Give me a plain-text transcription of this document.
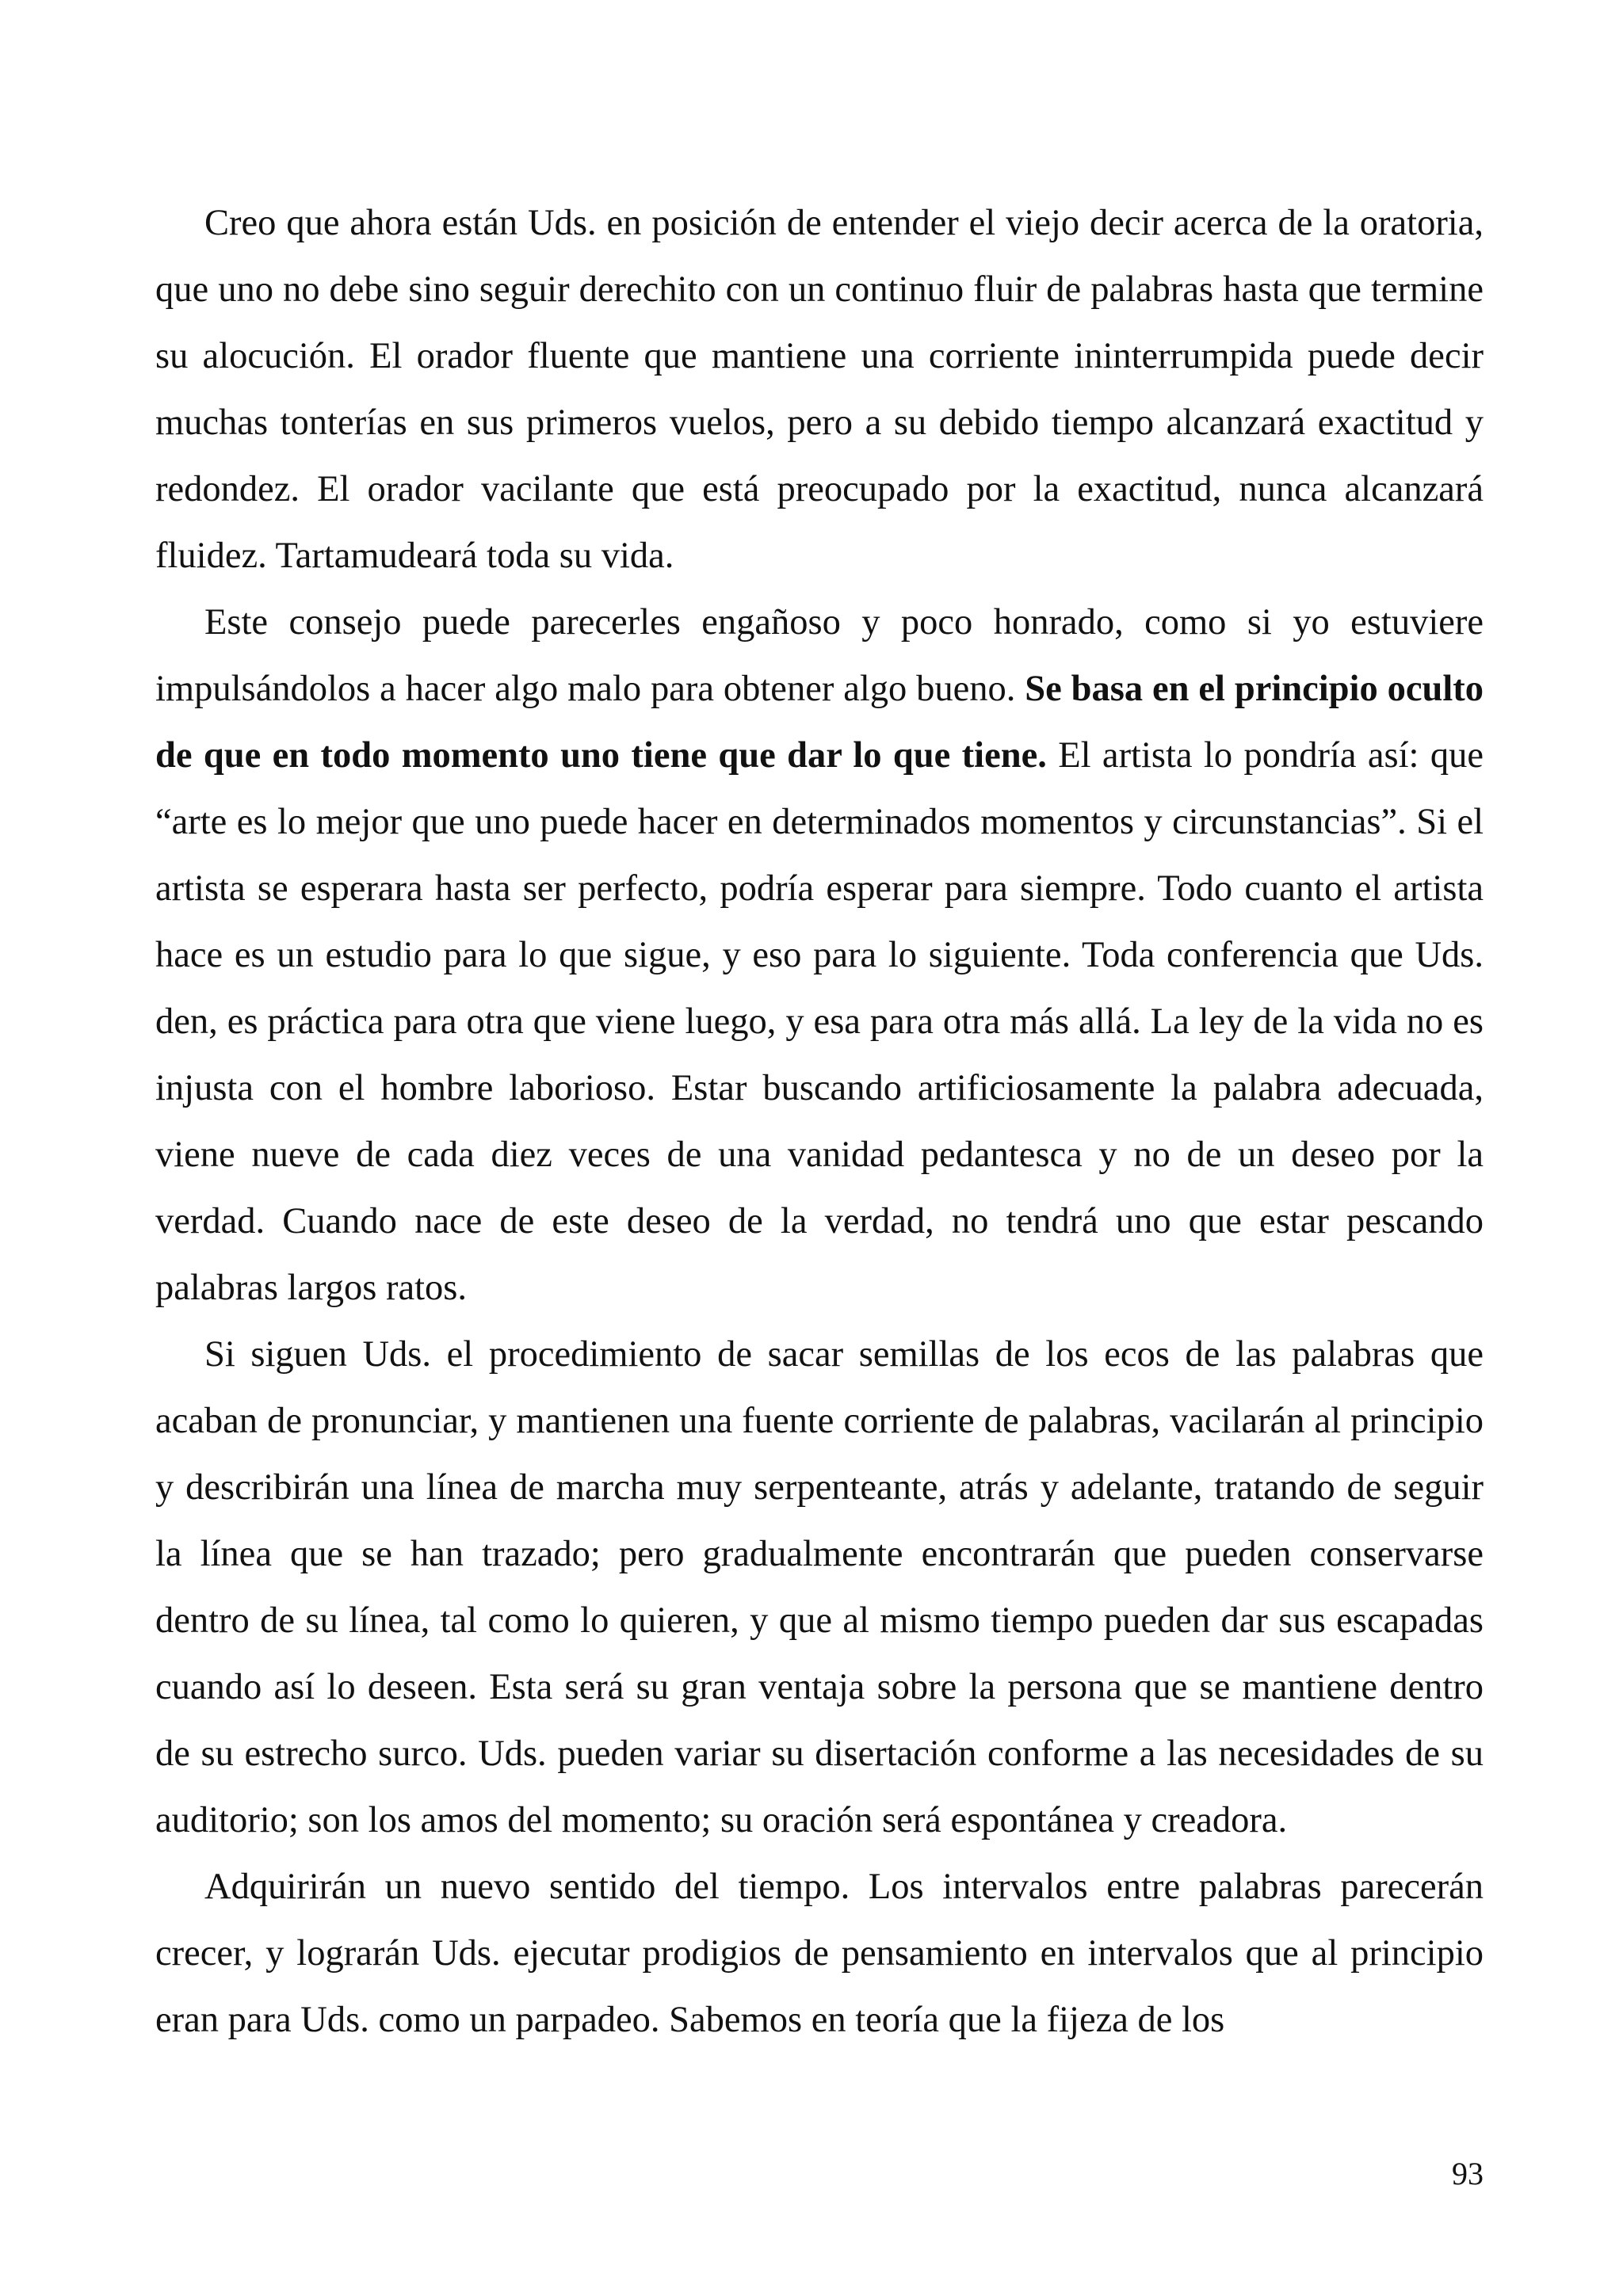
Creo que ahora están Uds. en posición de entender el viejo decir acerca de la oratoria, que uno no debe sino seguir derechito con un continuo fluir de palabras hasta que termine su alocución. El orador fluente que mantiene una corriente ininterrumpida puede decir muchas tonterías en sus primeros vuelos, pero a su debido tiempo alcanzará exactitud y redondez. El orador vacilante que está preocupado por la exactitud, nunca alcanzará fluidez. Tartamudeará toda su vida.

Este consejo puede parecerles engañoso y poco honrado, como si yo estuviere impulsándolos a hacer algo malo para obtener algo bueno. Se basa en el principio oculto de que en todo momento uno tiene que dar lo que tiene. El artista lo pondría así: que “arte es lo mejor que uno puede hacer en determinados momentos y circunstancias”. Si el artista se esperara hasta ser perfecto, podría esperar para siempre. Todo cuanto el artista hace es un estudio para lo que sigue, y eso para lo siguiente. Toda conferencia que Uds. den, es práctica para otra que viene luego, y esa para otra más allá. La ley de la vida no es injusta con el hombre laborioso. Estar buscando artificiosamente la palabra adecuada, viene nueve de cada diez veces de una vanidad pedantesca y no de un deseo por la verdad. Cuando nace de este deseo de la verdad, no tendrá uno que estar pescando palabras largos ratos.

Si siguen Uds. el procedimiento de sacar semillas de los ecos de las palabras que acaban de pronunciar, y mantienen una fuente corriente de palabras, vacilarán al principio y describirán una línea de marcha muy serpenteante, atrás y adelante, tratando de seguir la línea que se han trazado; pero gradualmente encontrarán que pueden conservarse dentro de su línea, tal como lo quieren, y que al mismo tiempo pueden dar sus escapadas cuando así lo deseen. Esta será su gran ventaja sobre la persona que se mantiene dentro de su estrecho surco. Uds. pueden variar su disertación conforme a las necesidades de su auditorio; son los amos del momento; su oración será espontánea y creadora.

Adquirirán un nuevo sentido del tiempo. Los intervalos entre palabras parecerán crecer, y lograrán Uds. ejecutar prodigios de pensamiento en intervalos que al principio eran para Uds. como un parpadeo. Sabemos en teoría que la fijeza de los

93
